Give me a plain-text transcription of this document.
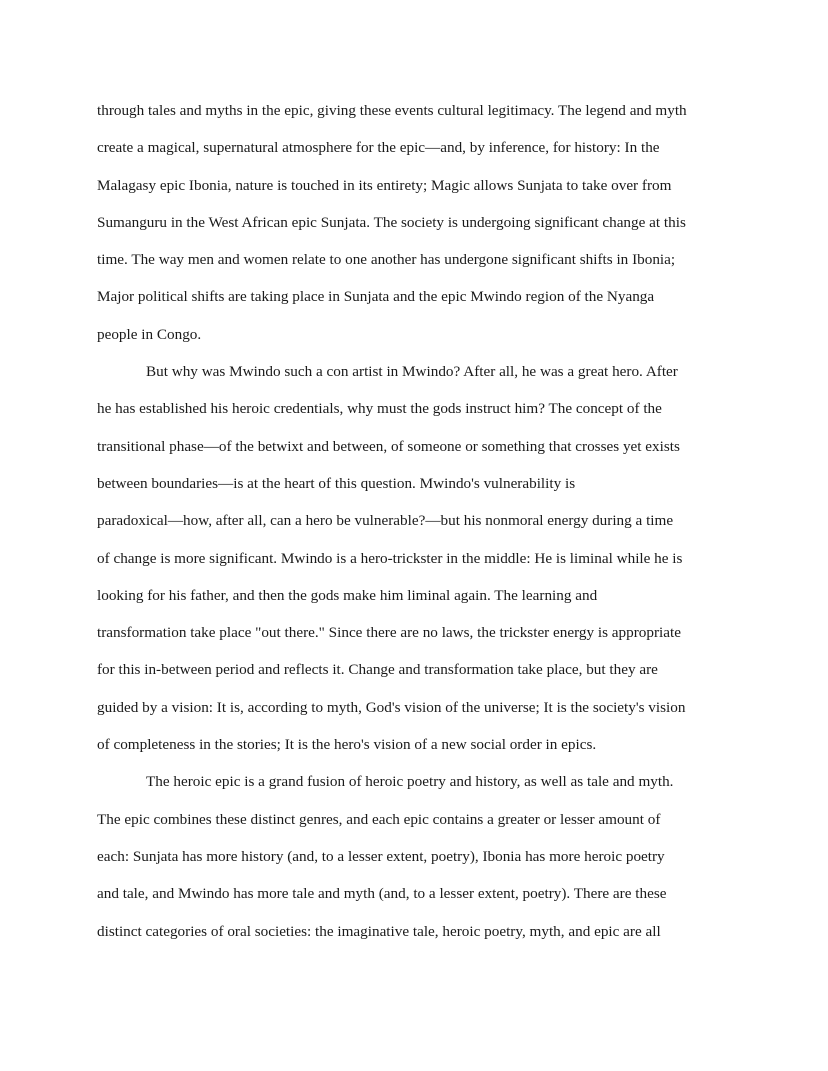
through tales and myths in the epic, giving these events cultural legitimacy. The legend and myth
create a magical, supernatural atmosphere for the epic—and, by inference, for history: In the
Malagasy epic Ibonia, nature is touched in its entirety; Magic allows Sunjata to take over from
Sumanguru in the West African epic Sunjata. The society is undergoing significant change at this
time. The way men and women relate to one another has undergone significant shifts in Ibonia;
Major political shifts are taking place in Sunjata and the epic Mwindo region of the Nyanga
people in Congo.
But why was Mwindo such a con artist in Mwindo? After all, he was a great hero. After
he has established his heroic credentials, why must the gods instruct him? The concept of the
transitional phase—of the betwixt and between, of someone or something that crosses yet exists
between boundaries—is at the heart of this question. Mwindo's vulnerability is
paradoxical—how, after all, can a hero be vulnerable?—but his nonmoral energy during a time
of change is more significant. Mwindo is a hero-trickster in the middle: He is liminal while he is
looking for his father, and then the gods make him liminal again. The learning and
transformation take place "out there." Since there are no laws, the trickster energy is appropriate
for this in-between period and reflects it. Change and transformation take place, but they are
guided by a vision: It is, according to myth, God's vision of the universe; It is the society's vision
of completeness in the stories; It is the hero's vision of a new social order in epics.
The heroic epic is a grand fusion of heroic poetry and history, as well as tale and myth.
The epic combines these distinct genres, and each epic contains a greater or lesser amount of
each: Sunjata has more history (and, to a lesser extent, poetry), Ibonia has more heroic poetry
and tale, and Mwindo has more tale and myth (and, to a lesser extent, poetry). There are these
distinct categories of oral societies: the imaginative tale, heroic poetry, myth, and epic are all
